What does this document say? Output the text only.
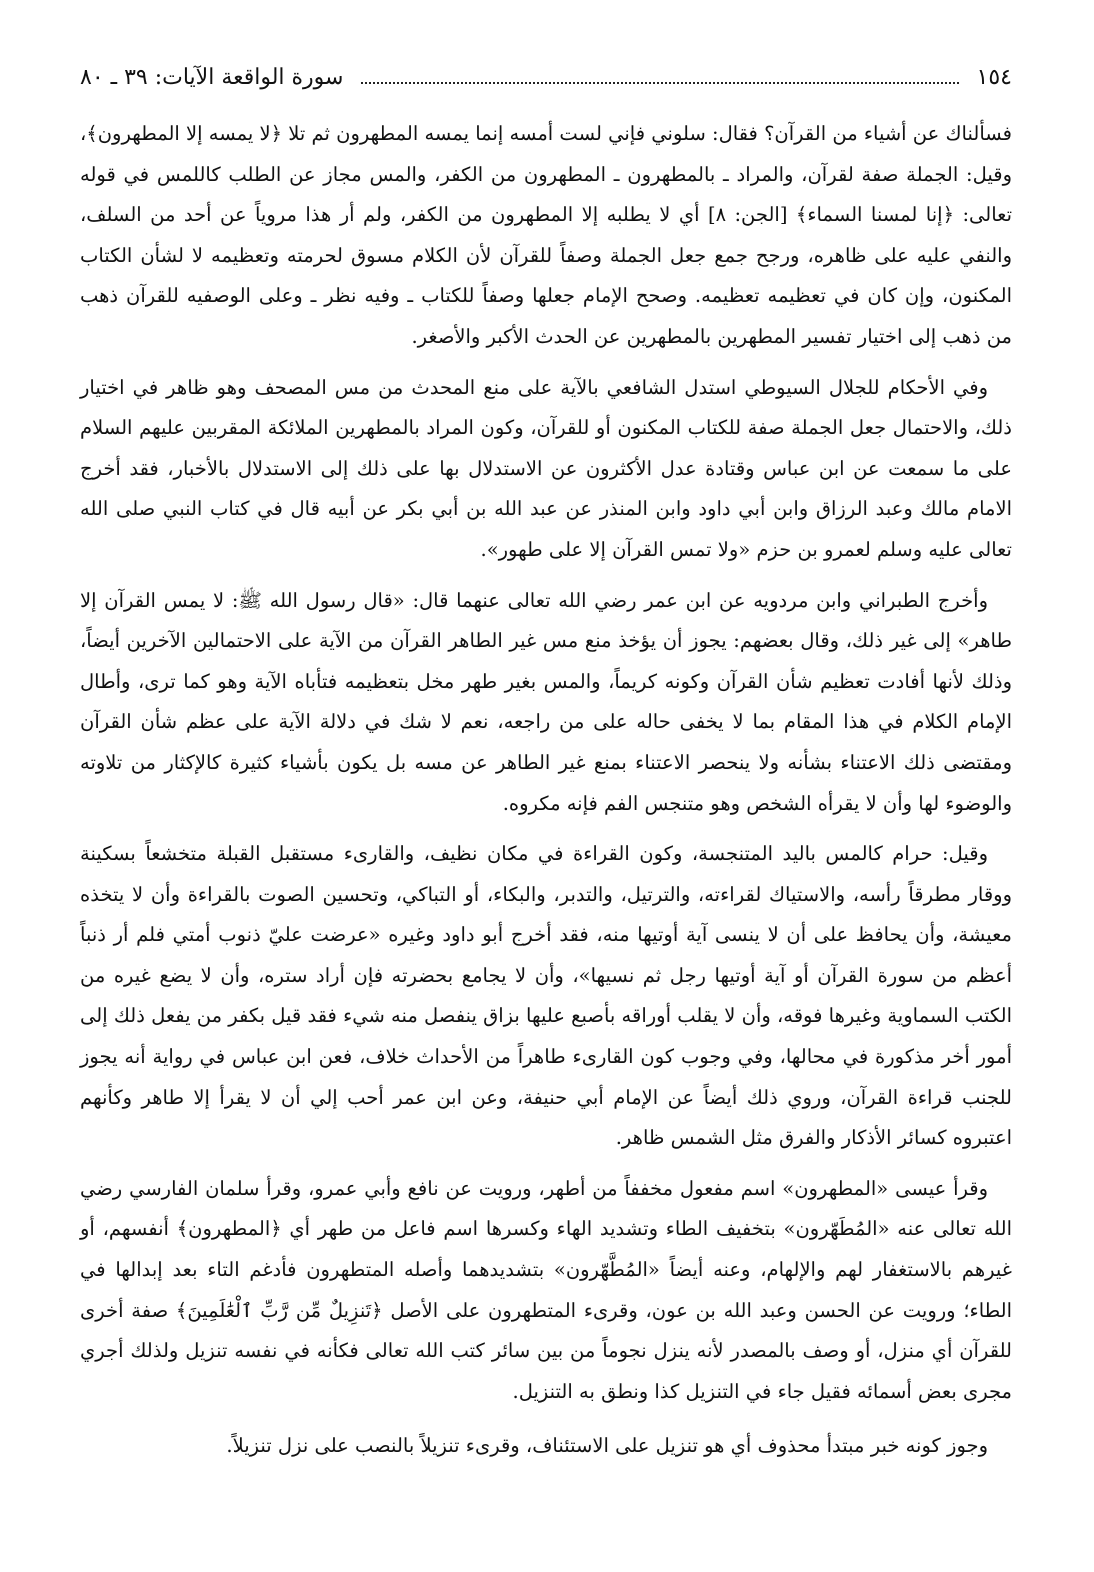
١٥٤
سورة الواقعة الآيات: ٣٩ ـ ٨٠

فسألناك عن أشياء من القرآن؟ فقال: سلوني فإني لست أمسه إنما يمسه المطهرون ثم تلا ﴿لا يمسه إلا المطهرون﴾، وقيل: الجملة صفة لقرآن، والمراد ـ بالمطهرون ـ المطهرون من الكفر، والمس مجاز عن الطلب كاللمس في قوله تعالى: ﴿إنا لمسنا السماء﴾ [الجن: ٨] أي لا يطلبه إلا المطهرون من الكفر، ولم أر هذا مروياً عن أحد من السلف، والنفي عليه على ظاهره، ورجح جمع جعل الجملة وصفاً للقرآن لأن الكلام مسوق لحرمته وتعظيمه لا لشأن الكتاب المكنون، وإن كان في تعظيمه تعظيمه. وصحح الإمام جعلها وصفاً للكتاب ـ وفيه نظر ـ وعلى الوصفيه للقرآن ذهب من ذهب إلى اختيار تفسير المطهرين بالمطهرين عن الحدث الأكبر والأصغر.

وفي الأحكام للجلال السيوطي استدل الشافعي بالآية على منع المحدث من مس المصحف وهو ظاهر في اختيار ذلك، والاحتمال جعل الجملة صفة للكتاب المكنون أو للقرآن، وكون المراد بالمطهرين الملائكة المقربين عليهم السلام على ما سمعت عن ابن عباس وقتادة عدل الأكثرون عن الاستدلال بها على ذلك إلى الاستدلال بالأخبار، فقد أخرج الامام مالك وعبد الرزاق وابن أبي داود وابن المنذر عن عبد الله بن أبي بكر عن أبيه قال في كتاب النبي صلى الله تعالى عليه وسلم لعمرو بن حزم «ولا تمس القرآن إلا على طهور».

وأخرج الطبراني وابن مردويه عن ابن عمر رضي الله تعالى عنهما قال: «قال رسول الله ﷺ: لا يمس القرآن إلا طاهر» إلى غير ذلك، وقال بعضهم: يجوز أن يؤخذ منع مس غير الطاهر القرآن من الآية على الاحتمالين الآخرين أيضاً، وذلك لأنها أفادت تعظيم شأن القرآن وكونه كريماً، والمس بغير طهر مخل بتعظيمه فتأباه الآية وهو كما ترى، وأطال الإمام الكلام في هذا المقام بما لا يخفى حاله على من راجعه، نعم لا شك في دلالة الآية على عظم شأن القرآن ومقتضى ذلك الاعتناء بشأنه ولا ينحصر الاعتناء بمنع غير الطاهر عن مسه بل يكون بأشياء كثيرة كالإكثار من تلاوته والوضوء لها وأن لا يقرأه الشخص وهو متنجس الفم فإنه مكروه.

وقيل: حرام كالمس باليد المتنجسة، وكون القراءة في مكان نظيف، والقارىء مستقبل القبلة متخشعاً بسكينة ووقار مطرقاً رأسه، والاستياك لقراءته، والترتيل، والتدبر، والبكاء، أو التباكي، وتحسين الصوت بالقراءة وأن لا يتخذه معيشة، وأن يحافظ على أن لا ينسى آية أوتيها منه، فقد أخرج أبو داود وغيره «عرضت عليّ ذنوب أمتي فلم أر ذنباً أعظم من سورة القرآن أو آية أوتيها رجل ثم نسيها»، وأن لا يجامع بحضرته فإن أراد ستره، وأن لا يضع غيره من الكتب السماوية وغيرها فوقه، وأن لا يقلب أوراقه بأصبع عليها بزاق ينفصل منه شيء فقد قيل بكفر من يفعل ذلك إلى أمور أخر مذكورة في محالها، وفي وجوب كون القارىء طاهراً من الأحداث خلاف، فعن ابن عباس في رواية أنه يجوز للجنب قراءة القرآن، وروي ذلك أيضاً عن الإمام أبي حنيفة، وعن ابن عمر أحب إلي أن لا يقرأ إلا طاهر وكأنهم اعتبروه كسائر الأذكار والفرق مثل الشمس ظاهر.

وقرأ عيسى «المطهرون» اسم مفعول مخففاً من أطهر، ورويت عن نافع وأبي عمرو، وقرأ سلمان الفارسي رضي الله تعالى عنه «المُطَهّرون» بتخفيف الطاء وتشديد الهاء وكسرها اسم فاعل من طهر أي ﴿المطهرون﴾ أنفسهم، أو غيرهم بالاستغفار لهم والإلهام، وعنه أيضاً «المُطَّهّرون» بتشديدهما وأصله المتطهرون فأدغم التاء بعد إبدالها في الطاء؛ ورويت عن الحسن وعبد الله بن عون، وقرىء المتطهرون على الأصل ﴿تَنزِيلٌ مِّن رَّبِّ ٱلْعَٰلَمِينَ﴾ صفة أخرى للقرآن أي منزل، أو وصف بالمصدر لأنه ينزل نجوماً من بين سائر كتب الله تعالى فكأنه في نفسه تنزيل ولذلك أجري مجرى بعض أسمائه فقيل جاء في التنزيل كذا ونطق به التنزيل.

وجوز كونه خبر مبتدأ محذوف أي هو تنزيل على الاستئناف، وقرىء تنزيلاً بالنصب على نزل تنزيلاً.
